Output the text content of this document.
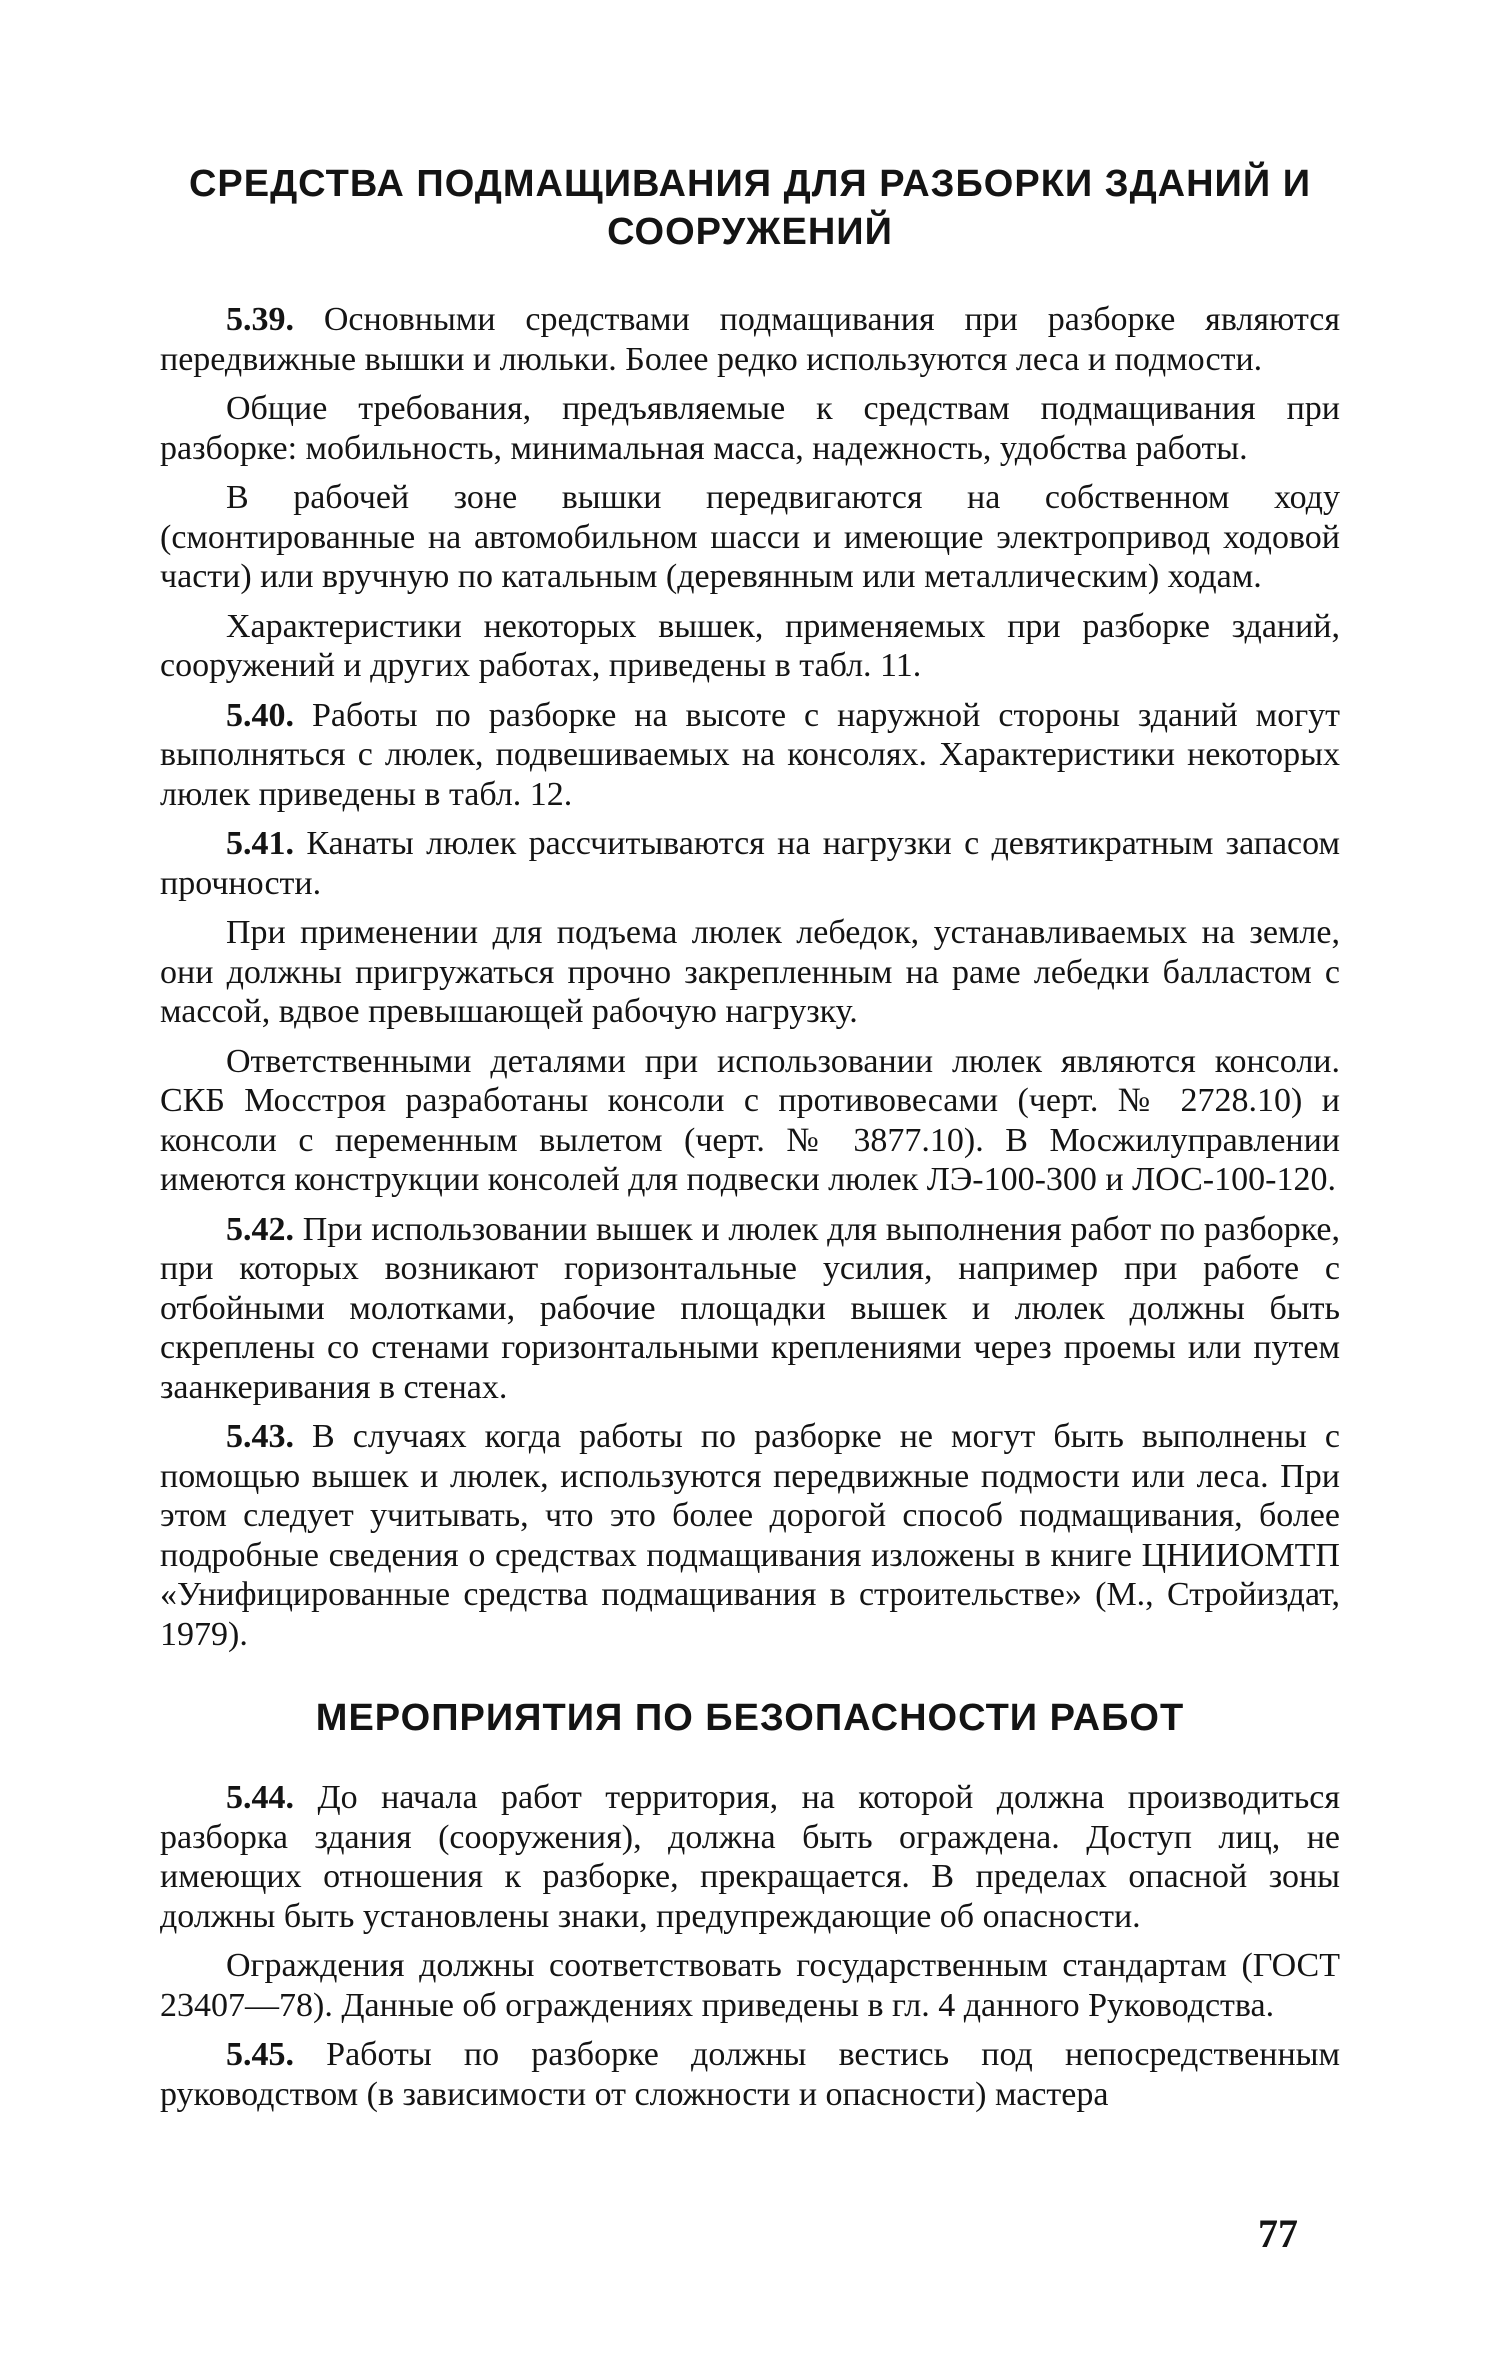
СРЕДСТВА ПОДМАЩИВАНИЯ ДЛЯ РАЗБОРКИ ЗДАНИЙ И СООРУЖЕНИЙ

5.39. Основными средствами подмащивания при разборке являются передвижные вышки и люльки. Более редко используются леса и подмости.

Общие требования, предъявляемые к средствам подмащивания при разборке: мобильность, минимальная масса, надежность, удобства работы.

В рабочей зоне вышки передвигаются на собственном ходу (смонтированные на автомобильном шасси и имеющие электропривод ходовой части) или вручную по катальным (деревянным или металлическим) ходам.

Характеристики некоторых вышек, применяемых при разборке зданий, сооружений и других работах, приведены в табл. 11.

5.40. Работы по разборке на высоте с наружной стороны зданий могут выполняться с люлек, подвешиваемых на консолях. Характеристики некоторых люлек приведены в табл. 12.

5.41. Канаты люлек рассчитываются на нагрузки с девятикратным запасом прочности.

При применении для подъема люлек лебедок, устанавливаемых на земле, они должны пригружаться прочно закрепленным на раме лебедки балластом с массой, вдвое превышающей рабочую нагрузку.

Ответственными деталями при использовании люлек являются консоли. СКБ Мосстроя разработаны консоли с противовесами (черт. № 2728.10) и консоли с переменным вылетом (черт. № 3877.10). В Мосжилуправлении имеются конструкции консолей для подвески люлек ЛЭ-100-300 и ЛОС-100-120.

5.42. При использовании вышек и люлек для выполнения работ по разборке, при которых возникают горизонтальные усилия, например при работе с отбойными молотками, рабочие площадки вышек и люлек должны быть скреплены со стенами горизонтальными креплениями через проемы или путем заанкеривания в стенах.

5.43. В случаях когда работы по разборке не могут быть выполнены с помощью вышек и люлек, используются передвижные подмости или леса. При этом следует учитывать, что это более дорогой способ подмащивания, более подробные сведения о средствах подмащивания изложены в книге ЦНИИОМТП «Унифицированные средства подмащивания в строительстве» (М., Стройиздат, 1979).

МЕРОПРИЯТИЯ ПО БЕЗОПАСНОСТИ РАБОТ

5.44. До начала работ территория, на которой должна производиться разборка здания (сооружения), должна быть ограждена. Доступ лиц, не имеющих отношения к разборке, прекращается. В пределах опасной зоны должны быть установлены знаки, предупреждающие об опасности.

Ограждения должны соответствовать государственным стандартам (ГОСТ 23407—78). Данные об ограждениях приведены в гл. 4 данного Руководства.

5.45. Работы по разборке должны вестись под непосредственным руководством (в зависимости от сложности и опасности) мастера

77
